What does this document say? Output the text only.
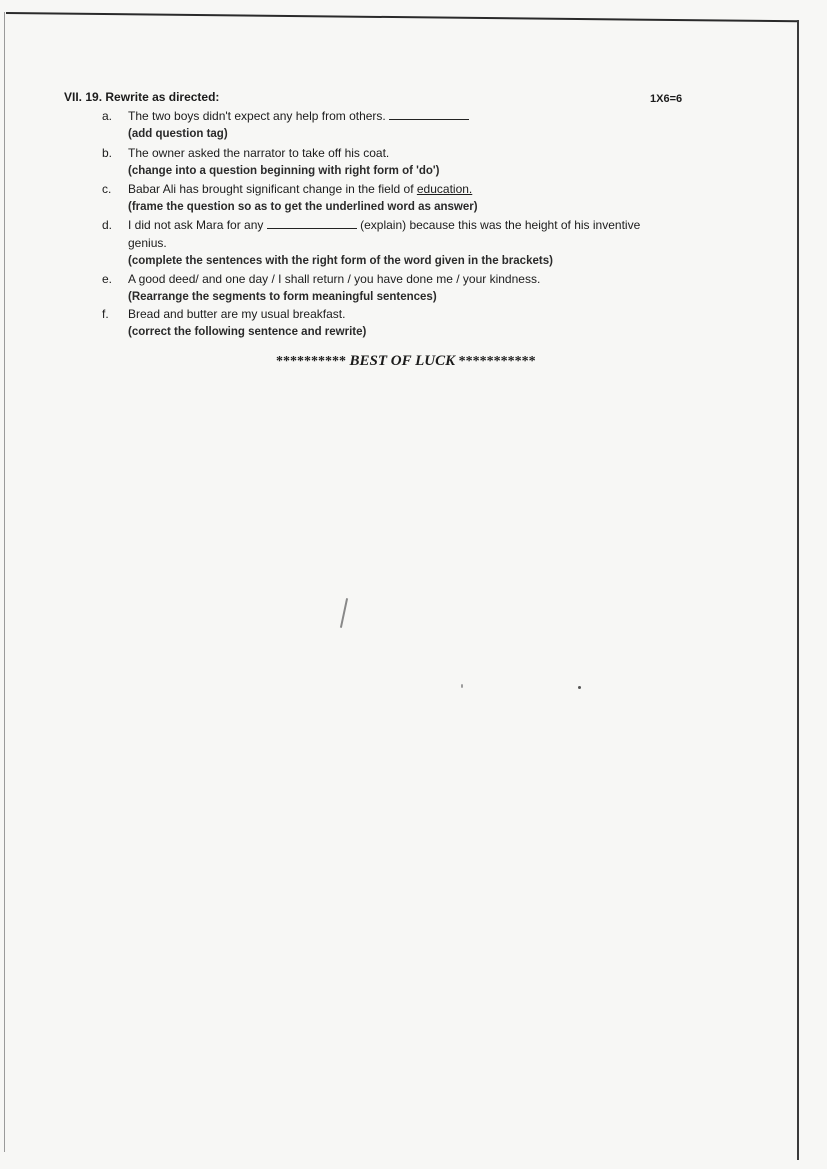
VII. 19. Rewrite as directed:	1X6=6
a.	The two boys didn't expect any help from others.
(add question tag)
b.	The owner asked the narrator to take off his coat.
(change into a question beginning with right form of 'do')
c.	Babar Ali has brought significant change in the field of education.
(frame the question so as to get the underlined word as answer)
d.	I did not ask Mara for any	(explain) because this was the height of his inventive
genius.
(complete the sentences with the right form of the word given in the brackets)
e.	A good deed/ and one day / I shall return / you have done me / your kindness.
(Rearrange the segments to form meaningful sentences)
f.	Bread and butter are my usual breakfast.
(correct the following sentence and rewrite)
********** BEST OF LUCK ***********
